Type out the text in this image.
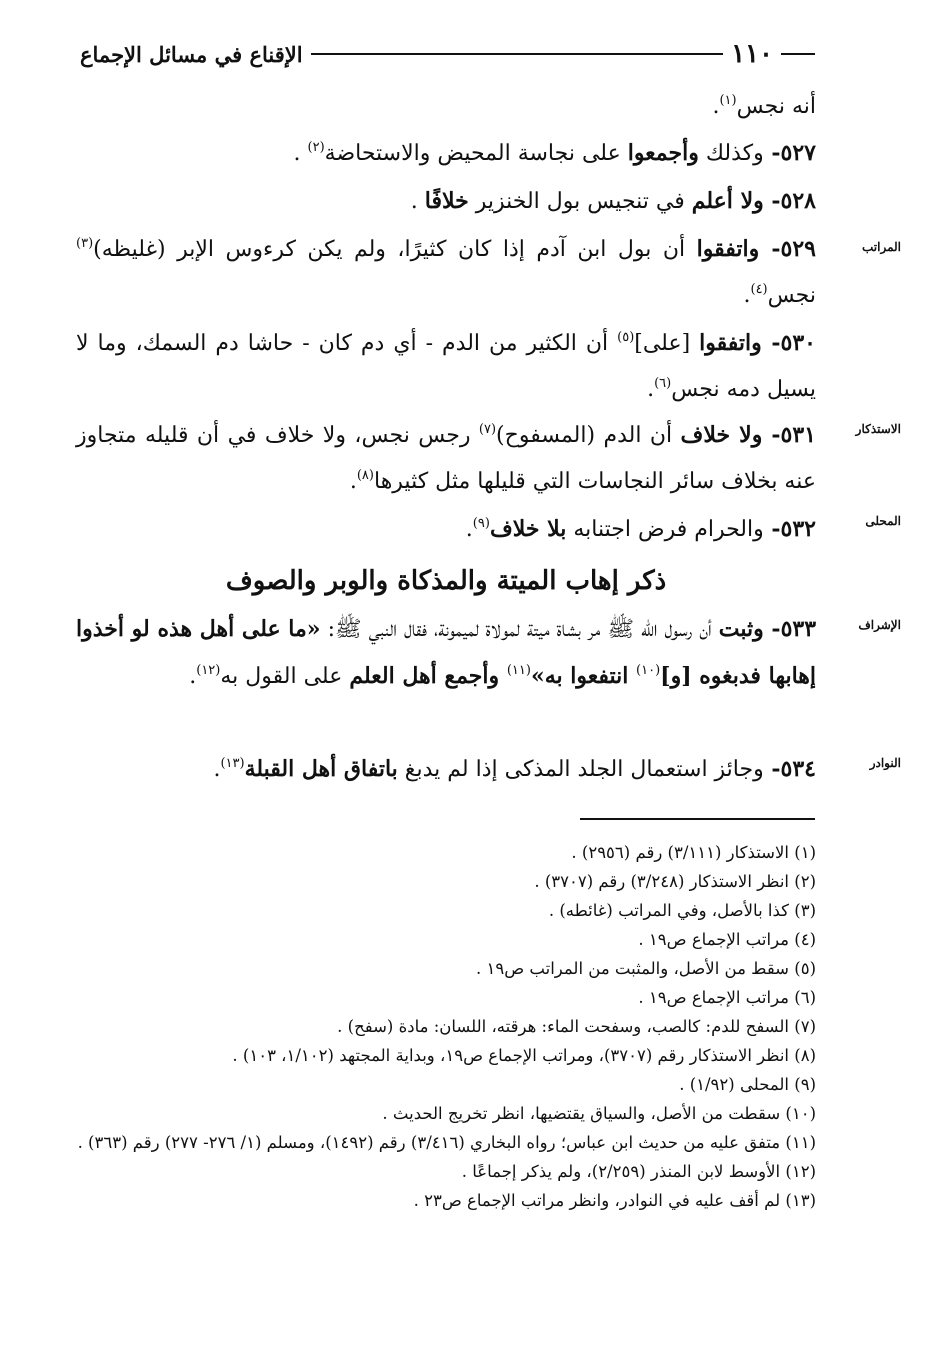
١١٠
الإقناع في مسائل الإجماع
أنه نجس$^{(١)}$.
٥٢٧- وكذلك وأجمعوا على نجاسة المحيض والاستحاضة$^{(٢)}$ .
٥٢٨- ولا أعلم في تنجيس بول الخنزير خلافًا .
٥٢٩- واتفقوا أن بول ابن آدم إذا كان كثيرًا، ولم يكن كرءوس الإبر (غليظه)$^{(٣)}$ نجس$^{(٤)}$.
٥٣٠- واتفقوا [على]$^{(٥)}$ أن الكثير من الدم - أي دم كان - حاشا دم السمك، وما لا يسيل دمه نجس$^{(٦)}$.
٥٣١- ولا خلاف أن الدم (المسفوح)$^{(٧)}$ رجس نجس، ولا خلاف في أن قليله متجاوز عنه بخلاف سائر النجاسات التي قليلها مثل كثيرها$^{(٨)}$.
٥٣٢- والحرام فرض اجتنابه بلا خلاف$^{(٩)}$.
٥٣٣- وثبت أن رسول الله ﷺ مر بشاة ميتة لمولاة لميمونة، فقال النبي ﷺ: «ما على أهل هذه لو أخذوا إهابها فدبغوه [و]$^{(١٠)}$ انتفعوا به»$^{(١١)}$ وأجمع أهل العلم على القول به$^{(١٢)}$.
٥٣٤- وجائز استعمال الجلد المذكى إذا لم يدبغ باتفاق أهل القبلة$^{(١٣)}$.
المراتب
الاستذكار
المحلى
الإشراف
النوادر
ذكر إهاب الميتة والمذكاة والوبر والصوف
(١) الاستذكار (٣/١١١) رقم (٢٩٥٦) .
(٢) انظر الاستذكار (٣/٢٤٨) رقم (٣٧٠٧) .
(٣) كذا بالأصل، وفي المراتب (غائطه) .
(٤) مراتب الإجماع ص١٩ .
(٥) سقط من الأصل، والمثبت من المراتب ص١٩ .
(٦) مراتب الإجماع ص١٩ .
(٧) السفح للدم: كالصب، وسفحت الماء: هرقته، اللسان: مادة (سفح) .
(٨) انظر الاستذكار رقم (٣٧٠٧)، ومراتب الإجماع ص١٩، وبداية المجتهد (١/١٠٢، ١٠٣) .
(٩) المحلى (١/٩٢) .
(١٠) سقطت من الأصل، والسياق يقتضيها، انظر تخريج الحديث .
(١١) متفق عليه من حديث ابن عباس؛ رواه البخاري (٣/٤١٦) رقم (١٤٩٢)، ومسلم (١/ ٢٧٦- ٢٧٧) رقم (٣٦٣) .
(١٢) الأوسط لابن المنذر (٢/٢٥٩)، ولم يذكر إجماعًا .
(١٣) لم أقف عليه في النوادر، وانظر مراتب الإجماع ص٢٣ .
